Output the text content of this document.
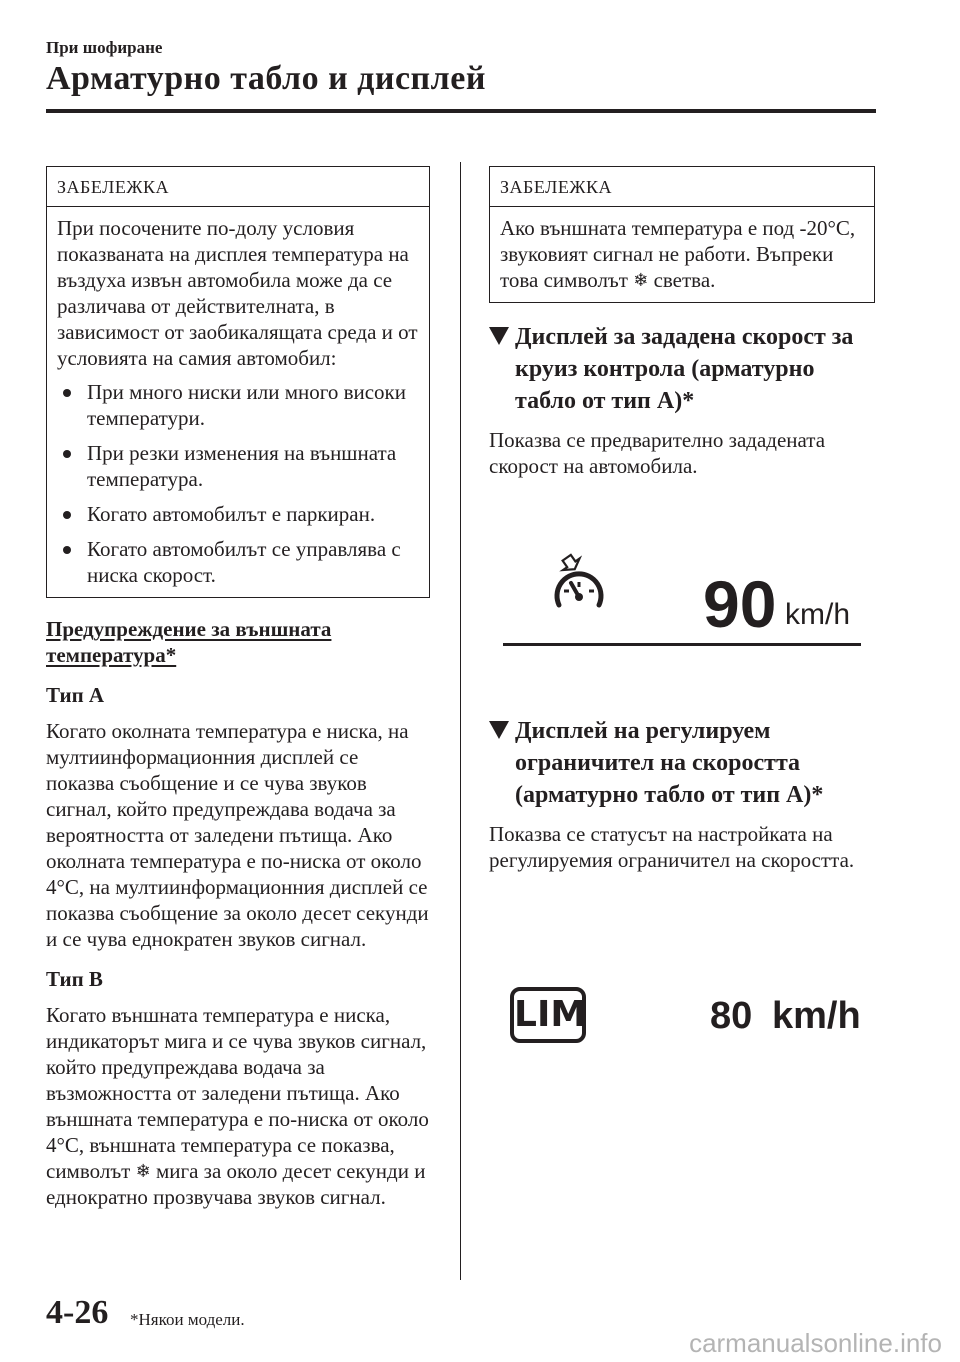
При шофиране
Арматурно табло и дисплей
ЗАБЕЛЕЖКА

При посочените по-долу условия показваната на дисплея температура на въздуха извън автомобила може да се различава от действителната, в зависимост от заобикалящата среда и от условията на самия автомобил:

При много ниски или много високи температури.
При резки изменения на външната температура.
Когато автомобилът е паркиран.
Когато автомобилът се управлява с ниска скорост.
Предупреждение за външната температура*
Тип А

Когато околната температура е ниска, на мултиинформационния дисплей се показва съобщение и се чува звуков сигнал, който предупреждава водача за вероятността от заледени пътища. Ако околната температура е по-ниска от около 4°C, на мултиинформационния дисплей се показва съобщение за около десет секунди и се чува еднократен звуков сигнал.

Тип B

Когато външната температура е ниска, индикаторът мига и се чува звуков сигнал, който предупреждава водача за възможността от заледени пътища. Ако външната температура е по-ниска от около 4°C, външната температура се показва, символът ❄ мига за около десет секунди и еднократно прозвучава звуков сигнал.

ЗАБЕЛЕЖКА

Ако външната температура е под -20°C, звуковият сигнал не работи. Въпреки това символът ❄ светва.

Дисплей за зададена скорост за круиз контрола (арматурно табло от тип А)*

Показва се предварително зададената скорост на автомобила.

90 km/h
Дисплей на регулируем ограничител на скоростта (арматурно табло от тип А)*

Показва се статусът на настройката на регулируемия ограничител на скоростта.

LIM	80 km/h
4-26 *Някои модели.
carmanualsonline.info
